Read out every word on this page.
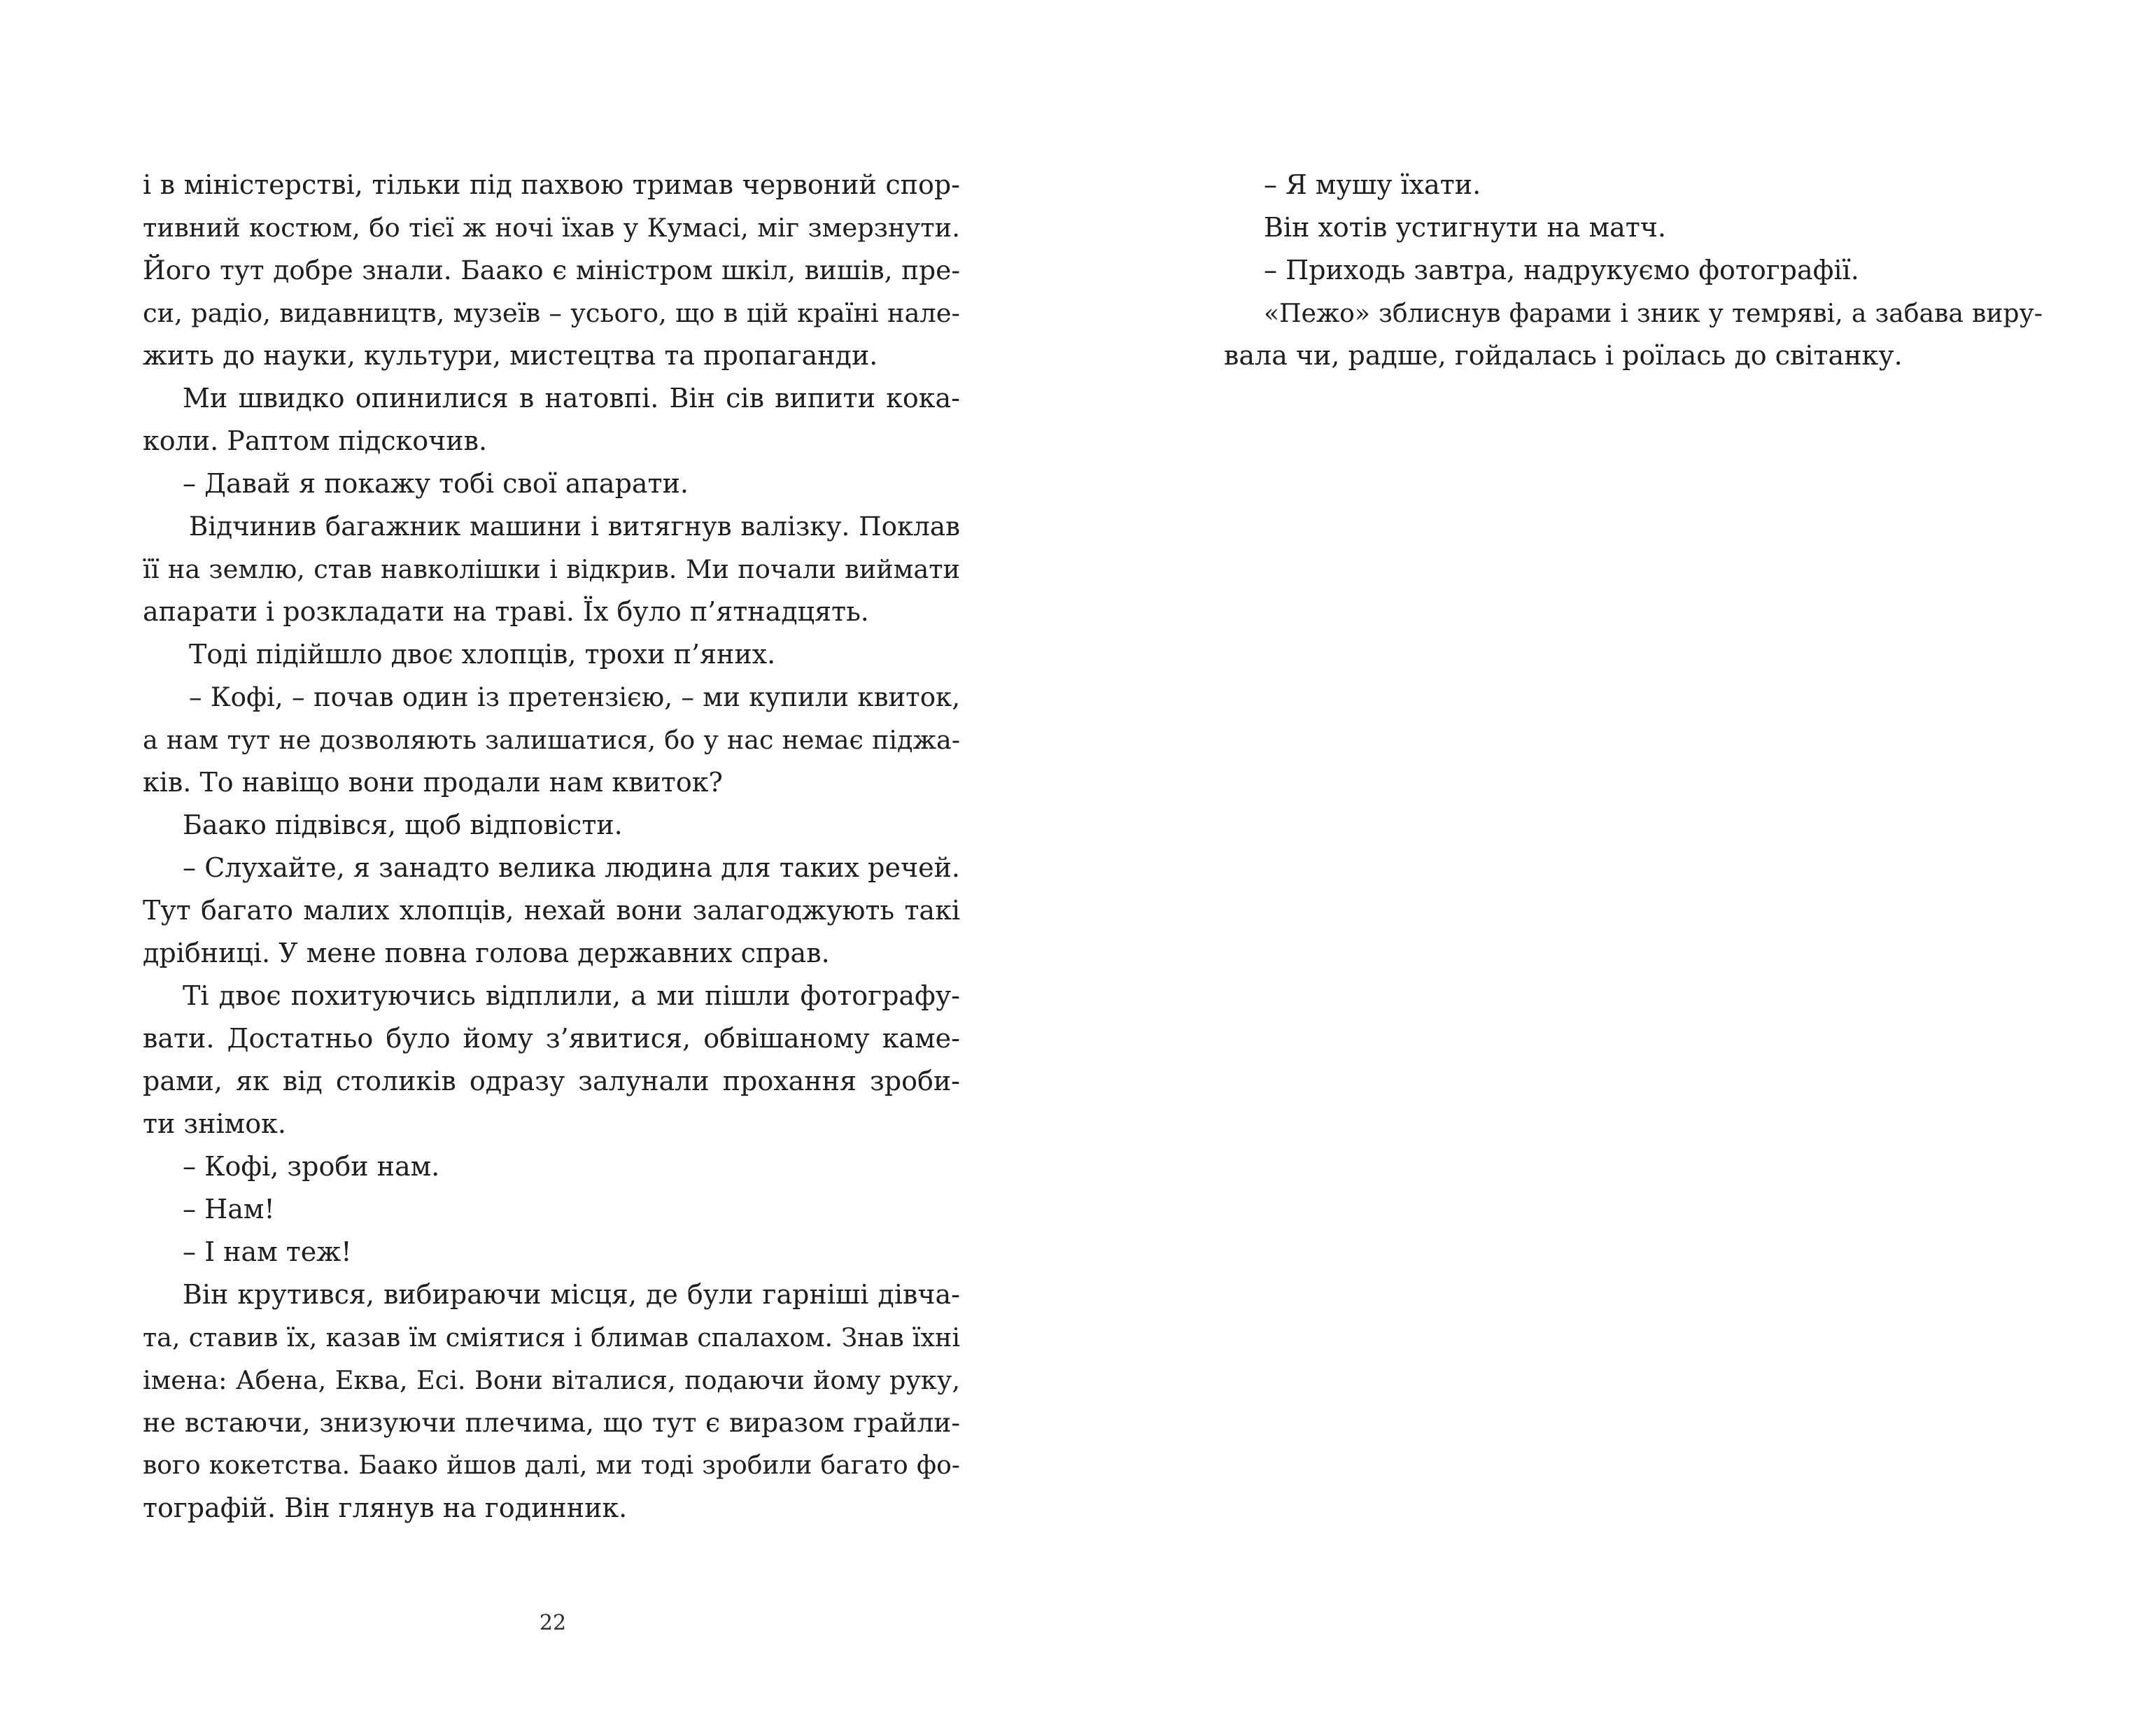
і в міністерстві, тільки під пахвою тримав червоний спор-
тивний костюм, бо тієї ж ночі їхав у Кумасі, міг змерзнути.
Його тут добре знали. Баако є міністром шкіл, вишів, пре-
си, радіо, видавництв, музеїв – усього, що в цій країні нале-
жить до науки, культури, мистецтва та пропаганди.
Ми швидко опинилися в натовпі. Він сів випити кока-
коли. Раптом підскочив.
– Давай я покажу тобі свої апарати.
Відчинив багажник машини і витягнув валізку. Поклав
її на землю, став навколішки і відкрив. Ми почали виймати
апарати і розкладати на траві. Їх було п’ятнадцять.
Тоді підійшло двоє хлопців, трохи п’яних.
– Кофі, – почав один із претензією, – ми купили квиток,
а нам тут не дозволяють залишатися, бо у нас немає піджа-
ків. То навіщо вони продали нам квиток?
Баако підвівся, щоб відповісти.
– Слухайте, я занадто велика людина для таких речей.
Тут багато малих хлопців, нехай вони залагоджують такі
дрібниці. У мене повна голова державних справ.
Ті двоє похитуючись відплили, а ми пішли фотографу-
вати. Достатньо було йому з’явитися, обвішаному каме-
рами, як від столиків одразу залунали прохання зроби-
ти знімок.
– Кофі, зроби нам.
– Нам!
– І нам теж!
Він крутився, вибираючи місця, де були гарніші дівча-
та, ставив їх, казав їм сміятися і блимав спалахом. Знав їхні
імена: Абена, Еква, Есі. Вони віталися, подаючи йому руку,
не встаючи, знизуючи плечима, що тут є виразом грайли-
вого кокетства. Баако йшов далі, ми тоді зробили багато фо-
тографій. Він глянув на годинник.
22
– Я мушу їхати.
Він хотів устигнути на матч.
– Приходь завтра, надрукуємо фотографії.
«Пежо» зблиснув фарами і зник у темряві, а забава виру-
вала чи, радше, гойдалась і роїлась до світанку.
